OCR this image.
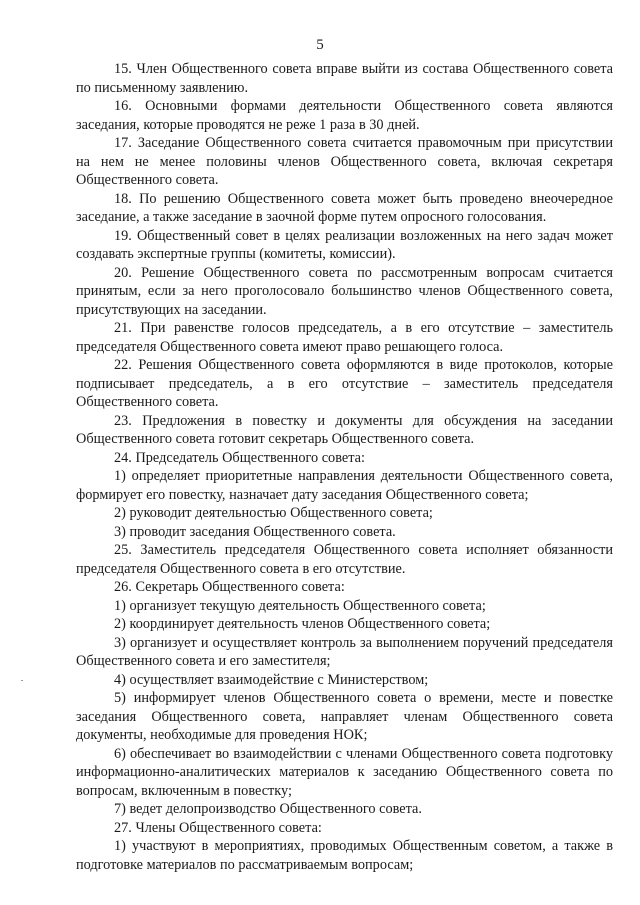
5

15. Член Общественного совета вправе выйти из состава Общественного совета по письменному заявлению.

16. Основными формами деятельности Общественного совета являются заседания, которые проводятся не реже 1 раза в 30 дней.

17. Заседание Общественного совета считается правомочным при присутствии на нем не менее половины членов Общественного совета, включая секретаря Общественного совета.

18. По решению Общественного совета может быть проведено внеочередное заседание, а также заседание в заочной форме путем опросного голосования.

19. Общественный совет в целях реализации возложенных на него задач может создавать экспертные группы (комитеты, комиссии).

20. Решение Общественного совета по рассмотренным вопросам считается принятым, если за него проголосовало большинство членов Общественного совета, присутствующих на заседании.

21. При равенстве голосов председатель, а в его отсутствие – заместитель председателя Общественного совета имеют право решающего голоса.

22. Решения Общественного совета оформляются в виде протоколов, которые подписывает председатель, а в его отсутствие – заместитель председателя Общественного совета.

23. Предложения в повестку и документы для обсуждения на заседании Общественного совета готовит секретарь Общественного совета.

24. Председатель Общественного совета:

1) определяет приоритетные направления деятельности Общественного совета, формирует его повестку, назначает дату заседания Общественного совета;

2) руководит деятельностью Общественного совета;

3) проводит заседания Общественного совета.

25. Заместитель председателя Общественного совета исполняет обязанности председателя Общественного совета в его отсутствие.

26. Секретарь Общественного совета:

1) организует текущую деятельность Общественного совета;

2) координирует деятельность членов Общественного совета;

3) организует и осуществляет контроль за выполнением поручений председателя Общественного совета и его заместителя;

4) осуществляет взаимодействие с Министерством;

5) информирует членов Общественного совета о времени, месте и повестке заседания Общественного совета, направляет членам Общественного совета документы, необходимые для проведения НОК;

6) обеспечивает во взаимодействии с членами Общественного совета подготовку информационно-аналитических материалов к заседанию Общественного совета по вопросам, включенным в повестку;

7) ведет делопроизводство Общественного совета.

27. Члены Общественного совета:

1) участвуют в мероприятиях, проводимых Общественным советом, а также в подготовке материалов по рассматриваемым вопросам;
